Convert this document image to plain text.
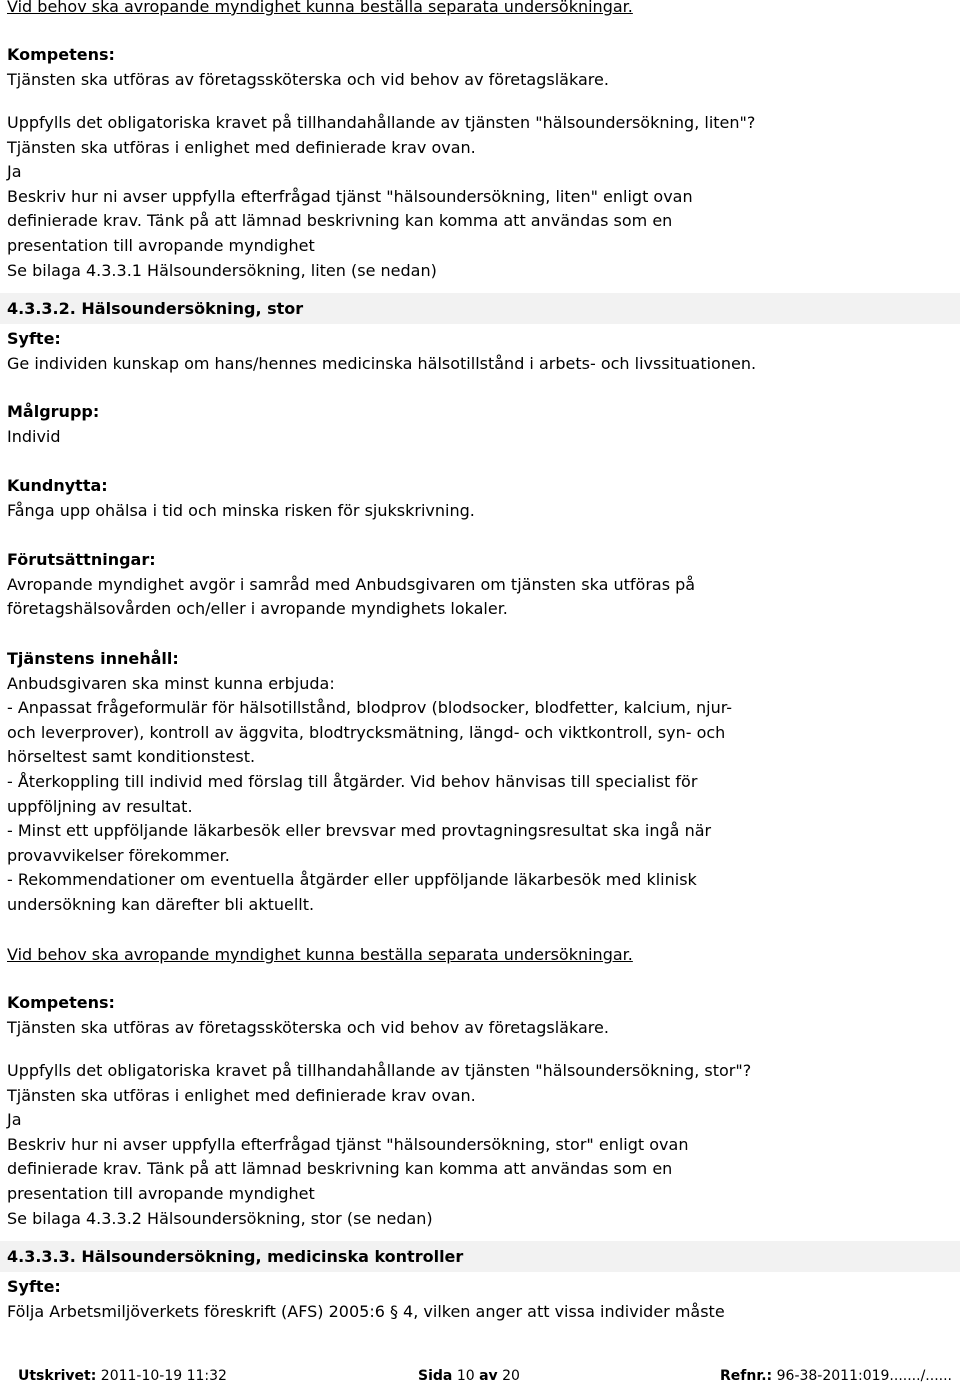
Vid behov ska avropande myndighet kunna beställa separata undersökningar.
Kompetens:
Tjänsten ska utföras av företagssköterska och vid behov av företagsläkare.
Uppfylls det obligatoriska kravet på tillhandahållande av tjänsten "hälsoundersökning, liten"?
Tjänsten ska utföras i enlighet med definierade krav ovan.
Ja
Beskriv hur ni avser uppfylla efterfrågad tjänst "hälsoundersökning, liten" enligt ovan
definierade krav. Tänk på att lämnad beskrivning kan komma att användas som en
presentation till avropande myndighet
Se bilaga 4.3.3.1 Hälsoundersökning, liten (se nedan)
4.3.3.2. Hälsoundersökning, stor
Syfte:
Ge individen kunskap om hans/hennes medicinska hälsotillstånd i arbets- och livssituationen.
Målgrupp:
Individ
Kundnytta:
Fånga upp ohälsa i tid och minska risken för sjukskrivning.
Förutsättningar:
Avropande myndighet avgör i samråd med Anbudsgivaren om tjänsten ska utföras på
företagshälsovården och/eller i avropande myndighets lokaler.
Tjänstens innehåll:
Anbudsgivaren ska minst kunna erbjuda:
- Anpassat frågeformulär för hälsotillstånd, blodprov (blodsocker, blodfetter, kalcium, njur-
och leverprover), kontroll av äggvita, blodtrycksmätning, längd- och viktkontroll, syn- och
hörseltest samt konditionstest.
- Återkoppling till individ med förslag till åtgärder. Vid behov hänvisas till specialist för
uppföljning av resultat.
- Minst ett uppföljande läkarbesök eller brevsvar med provtagningsresultat ska ingå när
provavvikelser förekommer.
- Rekommendationer om eventuella åtgärder eller uppföljande läkarbesök med klinisk
undersökning kan därefter bli aktuellt.
Vid behov ska avropande myndighet kunna beställa separata undersökningar.
Kompetens:
Tjänsten ska utföras av företagssköterska och vid behov av företagsläkare.
Uppfylls det obligatoriska kravet på tillhandahållande av tjänsten "hälsoundersökning, stor"?
Tjänsten ska utföras i enlighet med definierade krav ovan.
Ja
Beskriv hur ni avser uppfylla efterfrågad tjänst "hälsoundersökning, stor" enligt ovan
definierade krav. Tänk på att lämnad beskrivning kan komma att användas som en
presentation till avropande myndighet
Se bilaga 4.3.3.2 Hälsoundersökning, stor (se nedan)
4.3.3.3. Hälsoundersökning, medicinska kontroller
Syfte:
Följa Arbetsmiljöverkets föreskrift (AFS) 2005:6 § 4, vilken anger att vissa individer måste
Utskrivet: 2011-10-19 11:32	Sida 10 av 20	Refnr.: 96-38-2011:019......./......
